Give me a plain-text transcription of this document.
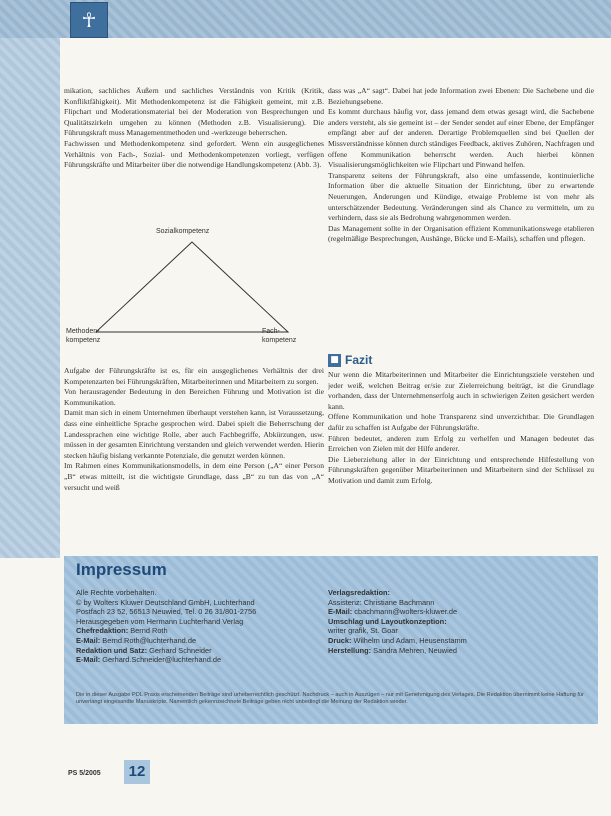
☥

mikation, sachliches Äußern und sachliches Verständnis von Kritik (Kritik, Konfliktfähigkeit). Mit Methodenkompetenz ist die Fähigkeit gemeint, mit z.B. Flipchart und Moderationsmaterial bei der Moderation von Besprechungen und Qualitätszirkeln umgehen zu können (Methoden z.B. Visualisierung). Die Führungskraft muss Managementmethoden und -werkzeuge beherrschen.

Fachwissen und Methodenkompetenz sind gefordert. Wenn ein ausgeglichenes Verhältnis von Fach-, Sozial- und Methodenkompetenzen vorliegt, verfügen Führungskräfte und Mitarbeiter über die notwendige Handlungskompetenz (Abb. 3).

Sozialkompetenz
Methoden-
kompetenz
Fach-
kompetenz

Aufgabe der Führungskräfte ist es, für ein ausgeglichenes Verhältnis der drei Kompetenzarten bei Führungskräften, Mitarbeiterinnen und Mitarbeitern zu sorgen.

Von herausragender Bedeutung in den Bereichen Führung und Motivation ist die Kommunikation.

Damit man sich in einem Unternehmen überhaupt verstehen kann, ist Voraussetzung, dass eine einheitliche Sprache gesprochen wird. Dabei spielt die Beherrschung der Landessprachen eine wichtige Rolle, aber auch Fachbegriffe, Abkürzungen, usw. müssen in der gesamten Einrichtung verstanden und gleich verwendet werden. Hierin stecken häufig bislang verkannte Potenziale, die genutzt werden können.

Im Rahmen eines Kommunikationsmodells, in dem eine Person („A“ einer Person „B“ etwas mitteilt, ist die wichtigste Grundlage, dass „B“ zu tun das von „A“ versucht und weiß

dass was „A“ sagt“. Dabei hat jede Information zwei Ebenen: Die Sachebene und die Beziehungsebene.

Es kommt durchaus häufig vor, dass jemand dem etwas gesagt wird, die Sachebene anders versteht, als sie gemeint ist – der Sender sendet auf einer Ebene, der Empfänger empfängt aber auf der anderen. Derartige Problemquellen sind bei Quellen der Missverständnisse können durch ständiges Feedback, aktives Zuhören, Nachfragen und offene Kommunikation beherrscht werden. Auch hierbei können Visualisierungsmöglichkeiten wie Flipchart und Pinwand helfen.

Transparenz seitens der Führungskraft, also eine umfassende, kontinuierliche Information über die aktuelle Situation der Einrichtung, über zu erwartende Neuerungen, Änderungen und Kündige, etwaige Probleme ist von mehr als unterschätzender Bedeutung. Veränderungen sind als Chance zu vermitteln, um zu verhindern, dass sie als Bedrohung wahrgenommen werden.

Das Management sollte in der Organisation effizient Kommunikationswege etablieren (regelmäßige Besprechungen, Aushänge, Bücke und E-Mails), schaffen und pflegen.

■ Fazit

Nur wenn die Mitarbeiterinnen und Mitarbeiter die Einrichtungsziele verstehen und jeder weiß, welchen Beitrag er/sie zur Zielerreichung beiträgt, ist die Grundlage vorhanden, dass der Unternehmenserfolg auch in schwierigen Zeiten gesichert werden kann.

Offene Kommunikation und hohe Transparenz sind unverzichtbar. Die Grundlagen dafür zu schaffen ist Aufgabe der Führungskräfte.

Führen bedeutet, anderen zum Erfolg zu verhelfen und Managen bedeutet das Erreichen von Zielen mit der Hilfe anderer.

Die Lieberziehung aller in der Einrichtung und entsprechende Hilfestellung von Führungskräften gegenüber Mitarbeiterinnen und Mitarbeitern sind der Schlüssel zu Motivation und damit zum Erfolg.

Impressum
Alle Rechte vorbehalten.
© by Wolters Kluwer Deutschland GmbH, Luchterhand
Postfach 23 52, 56513 Neuwied, Tel. 0 26 31/801-2756
Herausgegeben vom Hermann Luchterhand Verlag
Chefredaktion: Bernd Roth
E-Mail: Bernd.Roth@luchterhand.de
Redaktion und Satz: Gerhard Schneider
E-Mail: Gerhard.Schneider@luchterhand.de
Verlagsredaktion:
Assistenz: Christiane Bachmann
E-Mail: cbachmann@wolters-kluwer.de
Umschlag und Layoutkonzeption:
writer grafik, St. Goar
Druck: Wilhelm und Adam, Heusenstamm
Herstellung: Sandra Mehren, Neuwied
Die in dieser Ausgabe PDL Praxis erscheinenden Beiträge sind urheberrechtlich geschützt. Nachdruck – auch in Auszügen – nur mit Genehmigung des Verlages. Die Redaktion übernimmt keine Haftung für unverlangt eingesandte Manuskripte. Namentlich gekennzeichnete Beiträge geben nicht unbedingt die Meinung der Redaktion wieder.
PS 5/2005	12
